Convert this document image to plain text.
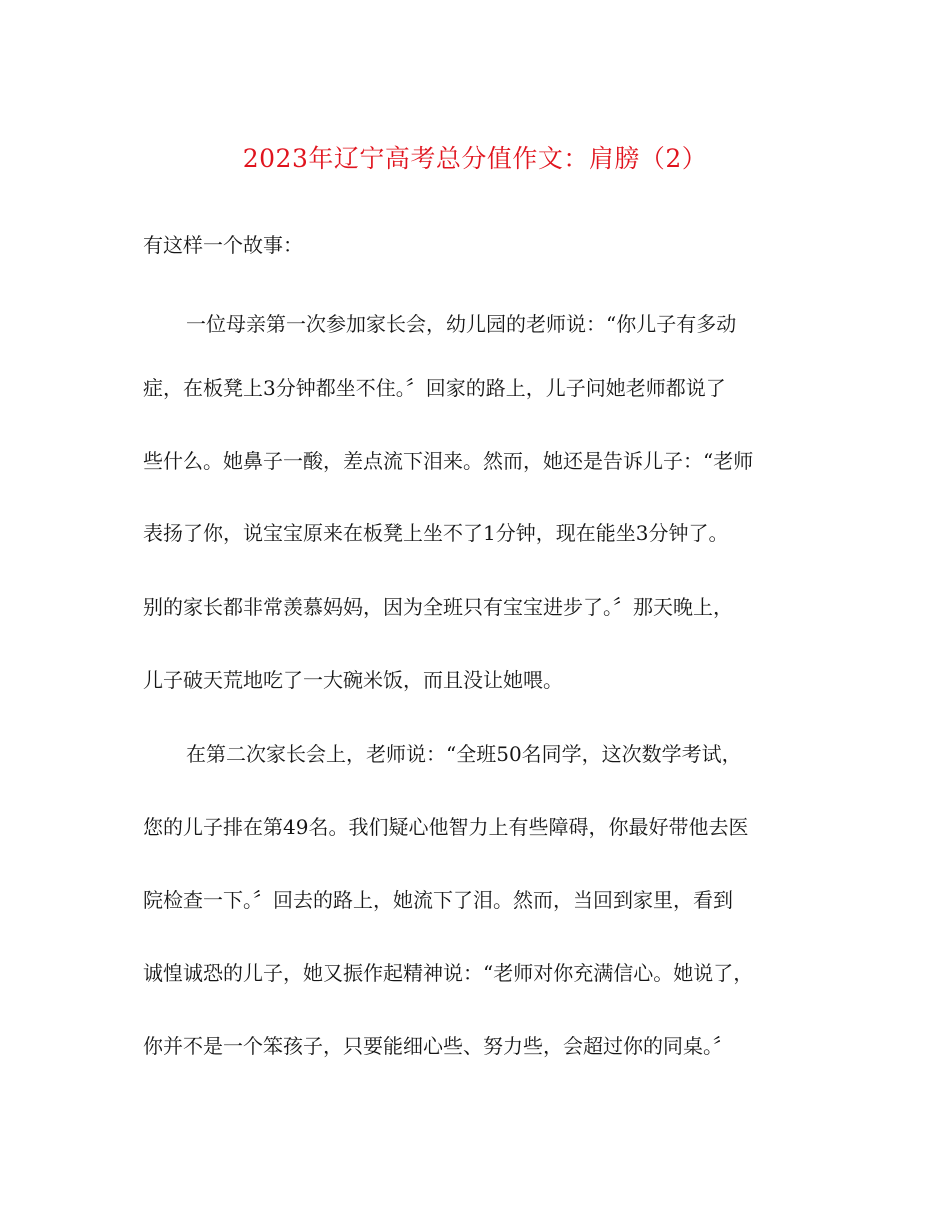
2023年辽宁高考总分值作文：肩膀（2）
有这样一个故事：
一位母亲第一次参加家长会，幼儿园的老师说：“你儿子有多动
症，在板凳上3分钟都坐不住。〞回家的路上，儿子问她老师都说了
些什么。她鼻子一酸，差点流下泪来。然而，她还是告诉儿子：“老师
表扬了你，说宝宝原来在板凳上坐不了1分钟，现在能坐3分钟了。
别的家长都非常羡慕妈妈，因为全班只有宝宝进步了。〞那天晚上，
儿子破天荒地吃了一大碗米饭，而且没让她喂。
在第二次家长会上，老师说：“全班50名同学，这次数学考试，
您的儿子排在第49名。我们疑心他智力上有些障碍，你最好带他去医
院检查一下。〞回去的路上，她流下了泪。然而，当回到家里，看到
诚惶诚恐的儿子，她又振作起精神说：“老师对你充满信心。她说了，
你并不是一个笨孩子，只要能细心些、努力些，会超过你的同桌。〞
